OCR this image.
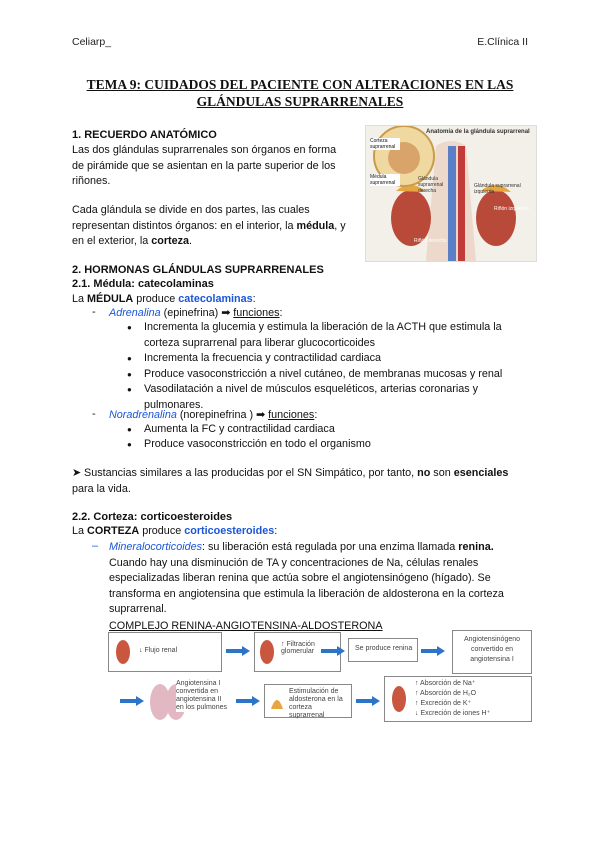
Celiarp_	E.Clínica II
TEMA 9: CUIDADOS DEL PACIENTE CON ALTERACIONES EN LAS
GLÁNDULAS SUPRARRENALES
1. RECUERDO ANATÓMICO
Las dos glándulas suprarrenales son órganos en forma
de pirámide que se asientan en la parte superior de los
riñones.
Cada glándula se divide en dos partes, las cuales
representan distintos órganos: en el interior, la médula, y
en el exterior, la corteza.
Anatomía de la glándula suprarrenal
Corteza suprarrenal
Médula suprarrenal
Glándula suprarrenal derecha
Glándula suprarrenal izquierda
Riñón derecho
Riñón izquierdo
2. HORMONAS GLÁNDULAS SUPRARRENALES
2.1. Médula: catecolaminas
La MÉDULA produce catecolaminas:
- Adrenalina (epinefrina) ➡ funciones:
● Incrementa la glucemia y estimula la liberación de la ACTH que estimula la
corteza suprarrenal para liberar glucocorticoides
● Incrementa la frecuencia y contractilidad cardiaca
● Produce vasoconstricción a nivel cutáneo, de membranas mucosas y renal
● Vasodilatación a nivel de músculos esqueléticos, arterias coronarias y
pulmonares.
- Noradrenalina (norepinefrina ) ➡ funciones:
● Aumenta la FC y contractilidad cardiaca
● Produce vasoconstricción en todo el organismo
➤ Sustancias similares a las producidas por el SN Simpático, por tanto, no son esenciales
para la vida.
2.2. Corteza: corticoesteroides
La CORTEZA produce corticoesteroides:
– Mineralocorticoides: su liberación está regulada por una enzima llamada renina.
Cuando hay una disminución de TA y concentraciones de Na, células renales
especializadas liberan renina que actúa sobre el angiotensinógeno (hígado). Se
transforma en angiotensina que estimula la liberación de aldosterona en la corteza
suprarrenal.
COMPLEJO RENINA-ANGIOTENSINA-ALDOSTERONA
↓ Flujo renal
↑ Filtración glomerular	Se produce renina
Angiotensinógeno convertido en angiotensina I
Angiotensina I convertida en angiotensina II en los pulmones
Estimulación de aldosterona en la corteza suprarrenal
↑ Absorción de Na⁺
↑ Absorción de H₂O
↑ Excreción de K⁺
↓ Excreción de iones H⁺
